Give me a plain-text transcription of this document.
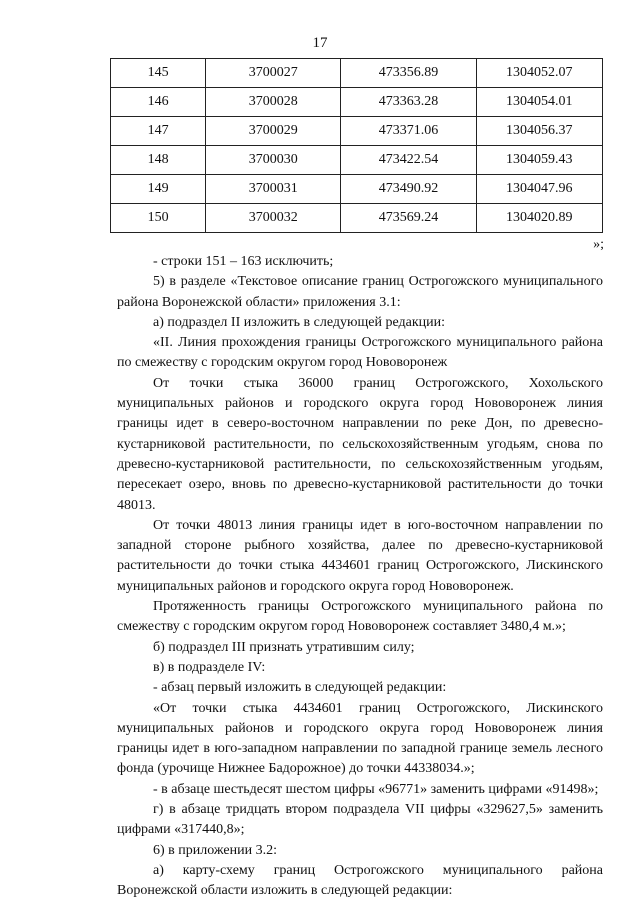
17
145	3700027	473356.89	1304052.07
146	3700028	473363.28	1304054.01
147	3700029	473371.06	1304056.37
148	3700030	473422.54	1304059.43
149	3700031	473490.92	1304047.96
150	3700032	473569.24	1304020.89
»;

- строки 151 – 163 исключить;

5) в разделе «Текстовое описание границ Острогожского муниципального района Воронежской области» приложения 3.1:

а) подраздел II изложить в следующей редакции:

«II. Линия прохождения границы Острогожского муниципального района по смежеству с городским округом город Нововоронеж

От точки стыка 36000 границ Острогожского, Хохольского муниципальных районов и городского округа город Нововоронеж линия границы идет в северо-восточном направлении по реке Дон, по древесно-кустарниковой растительности, по сельскохозяйственным угодьям, снова по древесно-кустарниковой растительности, по сельскохозяйственным угодьям, пересекает озеро, вновь по древесно-кустарниковой растительности до точки 48013.

От точки 48013 линия границы идет в юго-восточном направлении по западной стороне рыбного хозяйства, далее по древесно-кустарниковой растительности до точки стыка 4434601 границ Острогожского, Лискинского муниципальных районов и городского округа город Нововоронеж.

Протяженность границы Острогожского муниципального района по смежеству с городским округом город Нововоронеж составляет 3480,4 м.»;

б) подраздел III признать утратившим силу;

в) в подразделе IV:

- абзац первый изложить в следующей редакции:

«От точки стыка 4434601 границ Острогожского, Лискинского муниципальных районов и городского округа город Нововоронеж линия границы идет в юго-западном направлении по западной границе земель лесного фонда (урочище Нижнее Бадорожное) до точки 44338034.»;

- в абзаце шестьдесят шестом цифры «96771» заменить цифрами «91498»;

г) в абзаце тридцать втором подраздела VII цифры «329627,5» заменить цифрами «317440,8»;

6) в приложении 3.2:

а) карту-схему границ Острогожского муниципального района Воронежской области изложить в следующей редакции:
